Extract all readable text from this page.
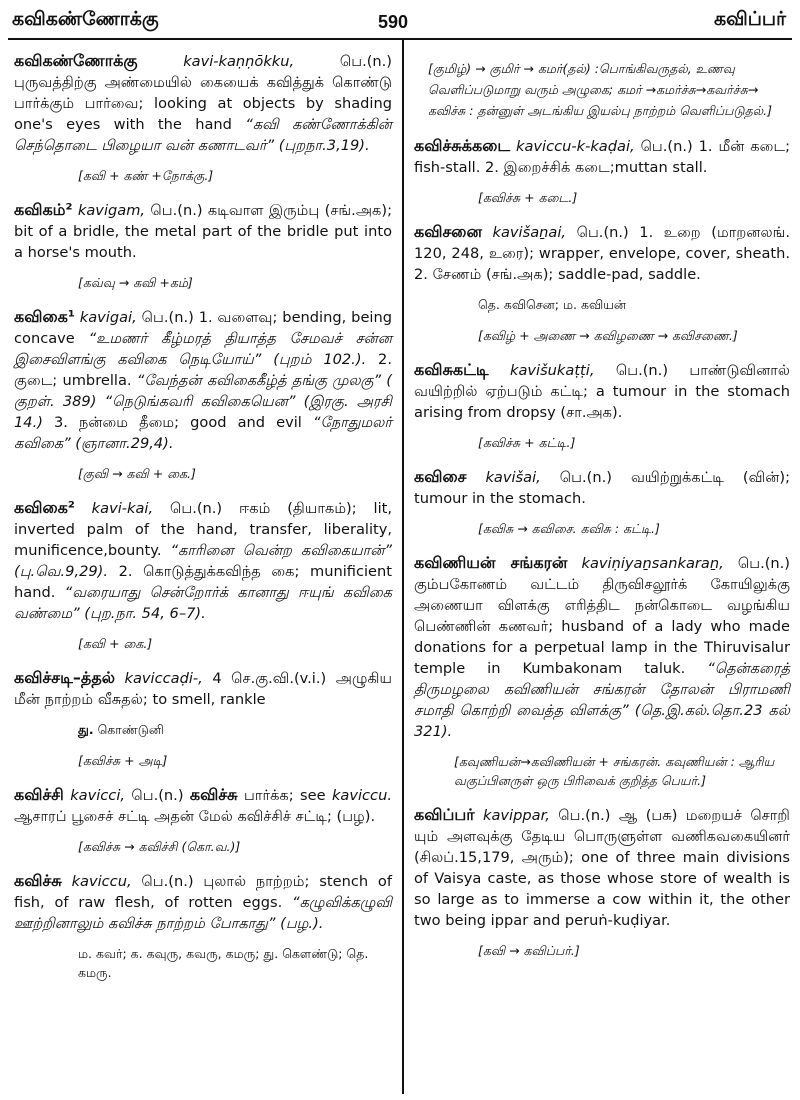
கவிகண்ணோக்கு	590	கவிப்பர்
கவிகண்ணோக்கு	kavi-kaṇṇōkku, பெ.(n.) புருவத்திற்கு அண்மையில் கையைக் கவித்துக் கொண்டு பார்க்கும் பார்வை; looking at objects by shading one's eyes with the hand “கவி கண்ணோக்கின் செந்தொடை பிழையா வன் கணாடவர்” (புறநா.3,19).
[கவி + கண் +நோக்கு.]
கவிகம்² kavigam, பெ.(n.) கடிவாள இரும்பு (சங்.அக); bit of a bridle, the metal part of the bridle put into a horse's mouth.
[கவ்வு → கவி +கம்]
கவிகை¹ kavigai, பெ.(n.) 1. வளைவு; bending, being concave “உமணர் கீழ்மரத் தியாத்த சேமவச் சன்ன இசைவிளங்கு கவிகை நெடியோய்” (புறம் 102.). 2. குடை; umbrella. “வேந்தன் கவிகைகீழ்த் தங்கு முலகு” ( குறள். 389) “நெடுங்கவரி கவிகையென” (இரகு. அரசி 14.) 3. நன்மை தீமை; good and evil “நோதுமலர் கவிகை” (ஞானா.29,4).
[குவி → கவி + கை.]
கவிகை² kavi-kai, பெ.(n.) ஈகம் (தியாகம்); lit, inverted palm of the hand, transfer, liberality, munificence,bounty. “காரினை வென்ற கவிகையான்” (பு.வெ.9,29). 2. கொடுத்துக்கவிந்த கை; munificient hand. “வரையாது சென்றோர்க் கானாது ஈயுங் கவிகை வண்மை” (புற.நா. 54, 6–7).
[கவி + கை.]
கவிச்சடி–த்தல் kaviccaḍi-, 4 செ.கு.வி.(v.i.) அழுகிய மீன் நாற்றம் வீசுதல்; to smell, rankle
து. கொண்டுனி
[கவிச்சு + அடி]
கவிச்சி kavicci, பெ.(n.) கவிச்சு பார்க்க; see kaviccu. ஆசாரப் பூசைச் சட்டி அதன் மேல் கவிச்சிச் சட்டி; (பழ).
[கவிச்சு → கவிச்சி (கொ.வ.)]
கவிச்சு kaviccu, பெ.(n.) புலால் நாற்றம்; stench of fish, of raw flesh, of rotten eggs. “கழுவிக்கழுவி ஊற்றினாலும் கவிச்சு நாற்றம் போகாது” (பழ.).
ம. கவர்; க. கவுரு, கவரு, கமரு; து. கெளண்டு; தெ. கமரு.
[குமிழ்) → குமிர் → கமர்(தல்) :பொங்கிவருதல், உணவு வெளிப்படுமாறு வரும் அழுகை; கமர் →கமர்ச்சு→கவர்ச்சு→ கவிச்சு : தன்னுள் அடங்கிய இயல்பு நாற்றம் வெளிப்படுதல்.]
கவிச்சுக்கடை kaviccu-k-kaḍai, பெ.(n.) 1. மீன் கடை; fish-stall. 2. இறைச்சிக் கடை;muttan stall.
[கவிச்சு + கடை.]
கவிசனை kavišaṉai, பெ.(n.) 1. உறை (மாறனலங். 120, 248, உரை); wrapper, envelope, cover, sheath. 2. சேணம் (சங்.அக); saddle-pad, saddle.
தெ. கவிசென; ம. கவியன்
[கவிழ் + அணை → கவிழணை → கவிசணை.]
கவிசுகட்டி kavišukaṭṭi, பெ.(n.) பாண்டுவினால் வயிற்றில் ஏற்படும் கட்டி; a tumour in the stomach arising from dropsy (சா.அக).
[கவிச்சு + கட்டி.]
கவிசை kavišai, பெ.(n.) வயிற்றுக்கட்டி (வின்); tumour in the stomach.
[கவிசு → கவிசை. கவிசு : கட்டி.]
கவிணியன் சங்கரன் kaviṇiyaṉsankaraṉ, பெ.(n.) கும்பகோணம் வட்டம் திருவிசலூர்க் கோயிலுக்கு அணையா விளக்கு எரித்திட நன்கொடை வழங்கிய பெண்ணின் கணவர்; husband of a lady who made donations for a perpetual lamp in the Thiruvisalur temple in Kumbakonam taluk. “தென்கரைத் திருமழலை கவிணியன் சங்கரன் தோலன் பிராமணி சமாதி கொற்றி வைத்த விளக்கு” (தெ.இ.கல்.தொ.23 கல் 321).
[கவுணியன்→கவிணியன் + சங்கரன். கவுணியன் : ஆரிய வகுப்பினருள் ஒரு பிரிவைக் குறித்த பெயர்.]
கவிப்பர் kavippar, பெ.(n.) ஆ (பசு) மறையச் சொறி யும் அளவுக்கு தேடிய பொருளுள்ள வணிகவகையினர் (சிலப்.15,179, அரும்); one of three main divisions of Vaisya caste, as those whose store of wealth is so large as to immerse a cow within it, the other two being ippar and peruṅ-kuḍiyar.
[கவி → கவிப்பர்.]
